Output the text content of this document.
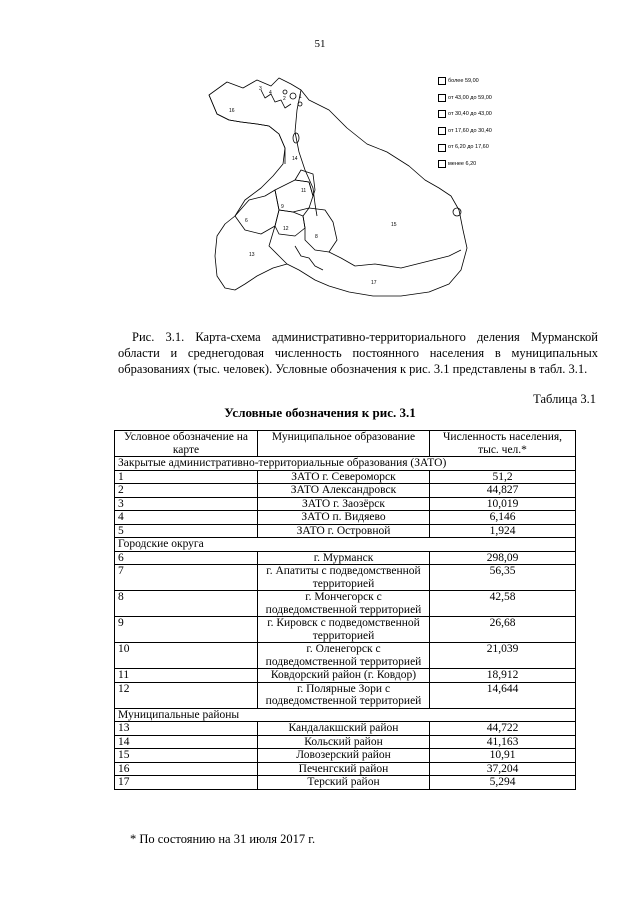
51
16
3
4
2	1
14
15
11
9
6
12
8
13
17
более 59,00
от 43,00 до 59,00
от 30,40 до 43,00
от 17,60 до 30,40
от 6,20 до 17,60
менее 6,20
Рис. 3.1. Карта-схема административно-территориального деления Мурманской области и среднегодовая численность постоянного населения в муниципальных образованиях (тыс. человек). Условные обозначения к рис. 3.1 представлены в табл. 3.1.
Таблица 3.1
Условные обозначения к рис. 3.1
Условное обозначение на карте	Муниципальное образование	Численность населения, тыс. чел.*
Закрытые административно-территориальные образования (ЗАТО)		
1	ЗАТО г. Североморск	51,2
2	ЗАТО Александровск	44,827
3	ЗАТО г. Заозёрск	10,019
4	ЗАТО п. Видяево	6,146
5	ЗАТО г. Островной	1,924
Городские округа		
6	г. Мурманск	298,09
7	г. Апатиты с подведомственной территорией	56,35
8	г. Мончегорск с подведомственной территорией	42,58
9	г. Кировск с подведомственной территорией	26,68
10	г. Оленегорск с подведомственной территорией	21,039
11	Ковдорский район (г. Ковдор)	18,912
12	г. Полярные Зори с подведомственной территорией	14,644
Муниципальные районы		
13	Кандалакшский район	44,722
14	Кольский район	41,163
15	Ловозерский район	10,91
16	Печенгский район	37,204
17	Терский район	5,294
* По состоянию на 31 июля 2017 г.
